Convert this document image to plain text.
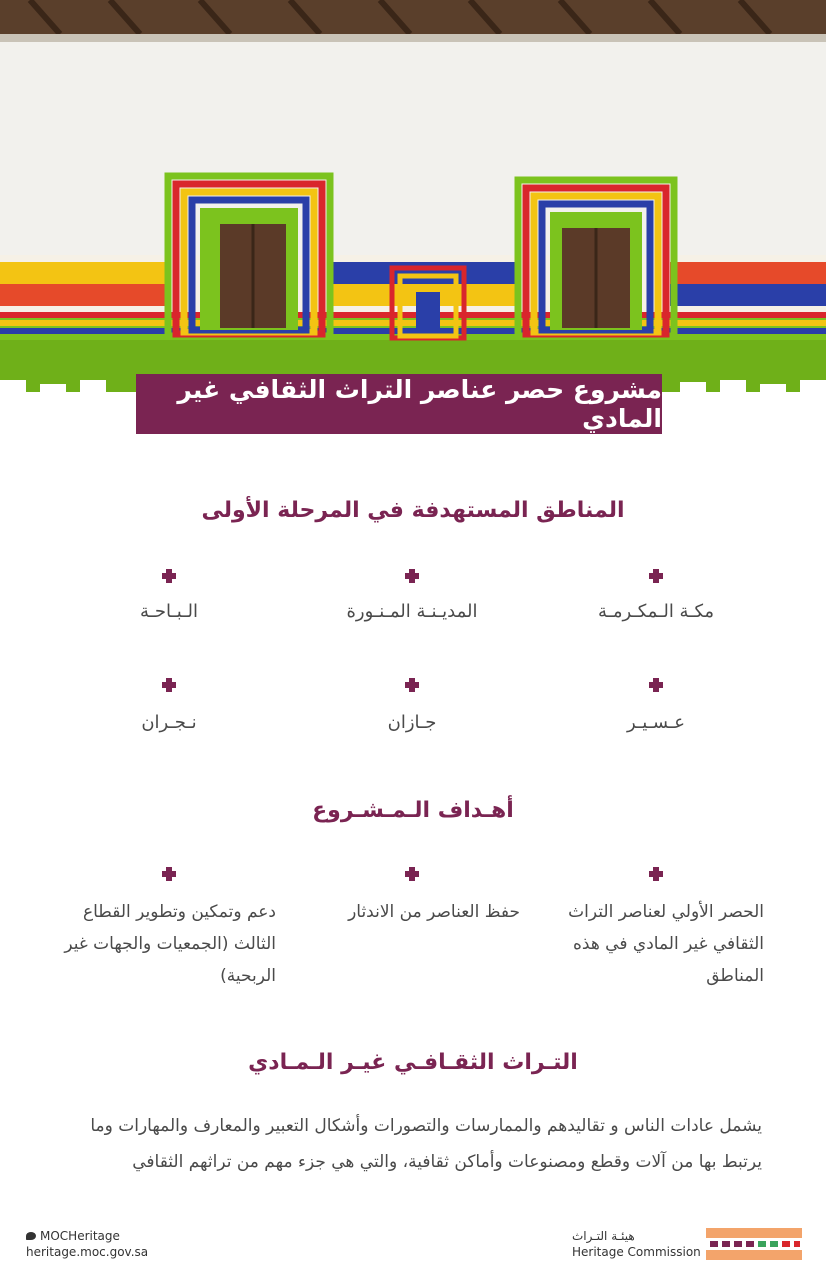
مشروع حصر عناصر التراث الثقافي غير المادي
المناطق المستهدفة في المرحلة الأولى
مكـة الـمكـرمـة
المديـنـة المـنـورة
الـبـاحـة
عـسـيـر
جـازان
نـجـران
أهـداف الـمـشـروع
الحصر الأولي لعناصر التراث الثقافي غير المادي في هذه المناطق
حفظ العناصر من الاندثار
دعم وتمكين وتطوير القطاع الثالث (الجمعيات والجهات غير الربحية)
التـراث الثقـافـي غيـر الـمـادي
يشمل عادات الناس و تقاليدهم والممارسات والتصورات وأشكال التعبير والمعارف والمهارات وما يرتبط بها من آلات وقطع ومصنوعات وأماكن ثقافية، والتي هي جزء مهم من تراثهم الثقافي
MOCHeritage
heritage.moc.gov.sa
هيئـة التـراث
Heritage Commission
